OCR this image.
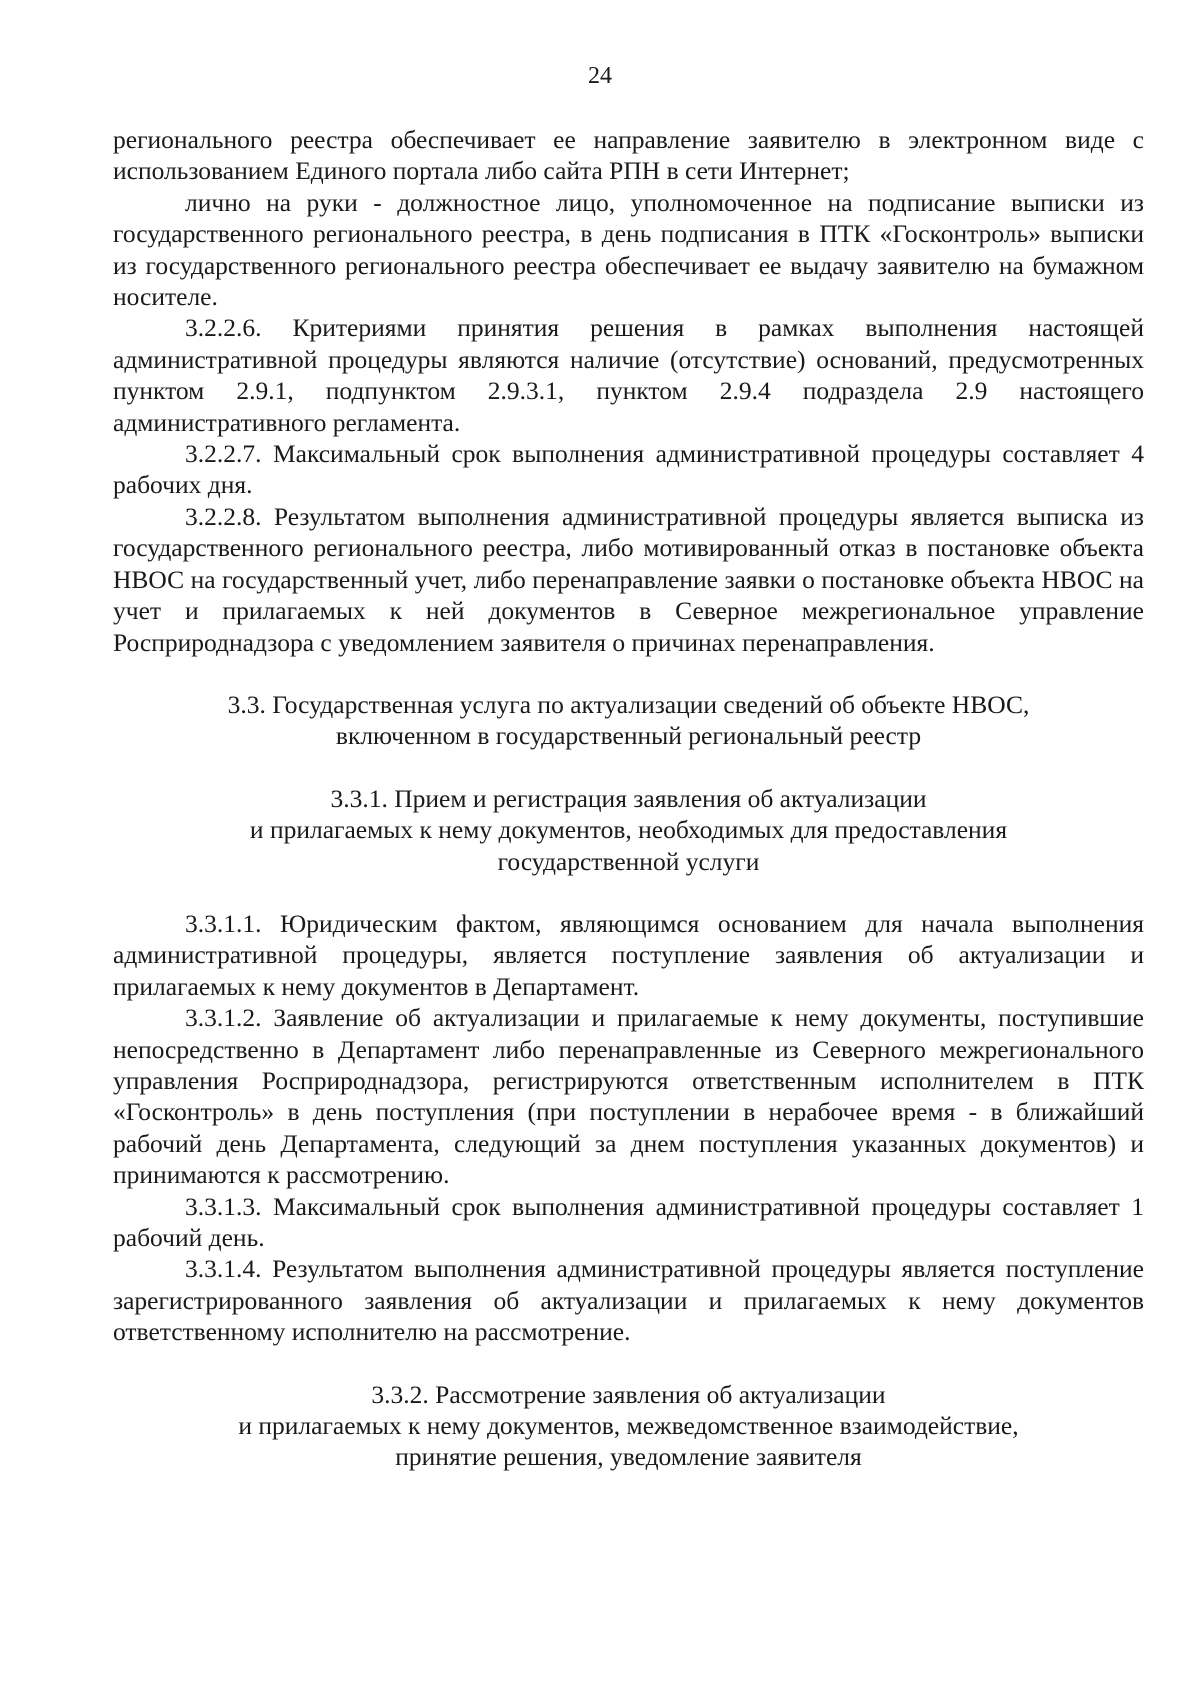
24

регионального реестра обеспечивает ее направление заявителю в электронном виде с использованием Единого портала либо сайта РПН в сети Интернет;

лично на руки - должностное лицо, уполномоченное на подписание выписки из государственного регионального реестра, в день подписания в ПТК «Госконтроль» выписки из государственного регионального реестра обеспечивает ее выдачу заявителю на бумажном носителе.

3.2.2.6. Критериями принятия решения в рамках выполнения настоящей административной процедуры являются наличие (отсутствие) оснований, предусмотренных пунктом 2.9.1, подпунктом 2.9.3.1, пунктом 2.9.4 подраздела 2.9 настоящего административного регламента.

3.2.2.7. Максимальный срок выполнения административной процедуры составляет 4 рабочих дня.

3.2.2.8. Результатом выполнения административной процедуры является выписка из государственного регионального реестра, либо мотивированный отказ в постановке объекта НВОС на государственный учет, либо перенаправление заявки о постановке объекта НВОС на учет и прилагаемых к ней документов в Северное межрегиональное управление Росприроднадзора с уведомлением заявителя о причинах перенаправления.

3.3. Государственная услуга по актуализации сведений об объекте НВОС,
включенном в государственный региональный реестр
3.3.1. Прием и регистрация заявления об актуализации
и прилагаемых к нему документов, необходимых для предоставления
государственной услуги

3.3.1.1. Юридическим фактом, являющимся основанием для начала выполнения административной процедуры, является поступление заявления об актуализации и прилагаемых к нему документов в Департамент.

3.3.1.2. Заявление об актуализации и прилагаемые к нему документы, поступившие непосредственно в Департамент либо перенаправленные из Северного межрегионального управления Росприроднадзора, регистрируются ответственным исполнителем в ПТК «Госконтроль» в день поступления (при поступлении в нерабочее время - в ближайший рабочий день Департамента, следующий за днем поступления указанных документов) и принимаются к рассмотрению.

3.3.1.3. Максимальный срок выполнения административной процедуры составляет 1 рабочий день.

3.3.1.4. Результатом выполнения административной процедуры является поступление зарегистрированного заявления об актуализации и прилагаемых к нему документов ответственному исполнителю на рассмотрение.

3.3.2. Рассмотрение заявления об актуализации
и прилагаемых к нему документов, межведомственное взаимодействие,
принятие решения, уведомление заявителя
